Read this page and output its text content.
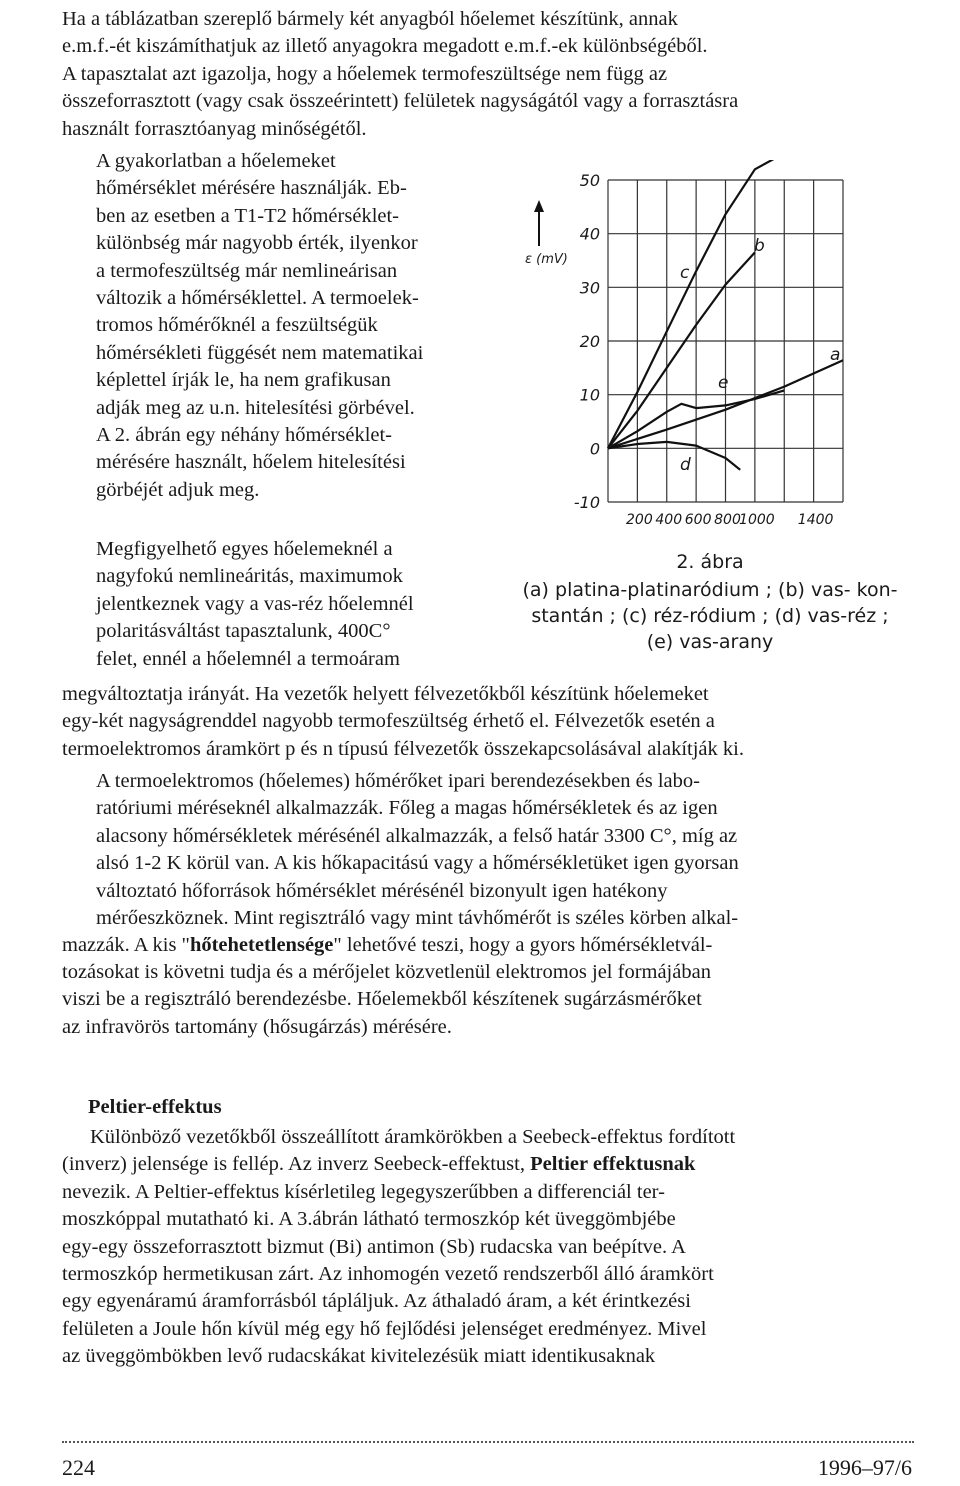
Ha a táblázatban szereplő bármely két anyagból hőelemet készítünk, annak
e.m.f.-ét kiszámíthatjuk az illető anyagokra megadott e.m.f.-ek különbségéből.
A tapasztalat azt igazolja, hogy a hőelemek termofeszültsége nem függ az
összeforrasztott (vagy csak összeérintett) felületek nagyságától vagy a forrasztásra
használt forrasztóanyag minőségétől.
A gyakorlatban a hőelemeket
hőmérséklet mérésére használják. Eb-
ben az esetben a T1-T2 hőmérséklet-
különbség már nagyobb érték, ilyenkor
a termofeszültség már nemlineárisan
változik a hőmérséklettel. A termoelek-
tromos hőmérőknél a feszültségük
hőmérsékleti függését nem matematikai
képlettel írják le, ha nem grafikusan
adják meg az u.n. hitelesítési görbével.
A 2. ábrán egy néhány hőmérséklet-
mérésére használt, hőelem hitelesítési
görbéjét adjuk meg.
Megfigyelhető egyes hőelemeknél a
nagyfokú nemlineáritás, maximumok
jelentkeznek vagy a vas-réz hőelemnél
polaritásváltást tapasztalunk, 400C°
felet, ennél a hőelemnél a termoáram
megváltoztatja irányát. Ha vezetők helyett félvezetőkből készítünk hőelemeket
egy-két nagyságrenddel nagyobb termofeszültség érhető el. Félvezetők esetén a
termoelektromos áramkört p és n típusú félvezetők összekapcsolásával alakítják ki.
A termoelektromos (hőelemes) hőmérőket ipari berendezésekben és labo-
ratóriumi méréseknél alkalmazzák. Főleg a magas hőmérsékletek és az igen
alacsony hőmérsékletek mérésénél alkalmazzák, a felső határ 3300 C°, míg az
alsó 1-2 K körül van. A kis hőkapacitású vagy a hőmérsékletüket igen gyorsan
változtató hőforrások hőmérséklet mérésénél bizonyult igen hatékony
mérőeszköznek. Mint regisztráló vagy mint távhőmérőt is széles körben alkal-
mazzák. A kis "hőtehetetlensége" lehetővé teszi, hogy a gyors hőmérsékletvál-
tozásokat is követni tudja és a mérőjelet közvetlenül elektromos jel formájában
viszi be a regisztráló berendezésbe. Hőelemekből készítenek sugárzásmérőket
az infravörös tartomány (hősugárzás) mérésére.

Peltier-effektus

Különböző vezetőkből összeállított áramkörökben a Seebeck-effektus fordított
(inverz) jelensége is fellép. Az inverz Seebeck-effektust, Peltier effektusnak
nevezik. A Peltier-effektus kísérletileg legegyszerűbben a differenciál ter-
moszkóppal mutatható ki. A 3.ábrán látható termoszkóp két üveggömbjébe
egy-egy összeforrasztott bizmut (Bi) antimon (Sb) rudacska van beépítve. A
termoszkóp hermetikusan zárt. Az inhomogén vezető rendszerből álló áramkört
egy egyenáramú áramforrásból tápláljuk. Az áthaladó áram, a két érintkezési
felületen a Joule hőn kívül még egy hő fejlődési jelenséget eredményez. Mivel
az üveggömbökben levő rudacskákat kivitelezésük miatt identikusaknak
50
40
30
20
10
0
-10
200 400 600 800
1000 1400
ε (mV)
a
b
c
d
e

2. ábra

(a) platina-platinaródium ; (b) vas- kon-

stantán ; (c) réz-ródium ; (d) vas-réz ;

(e) vas-arany

224	1996–97/6
